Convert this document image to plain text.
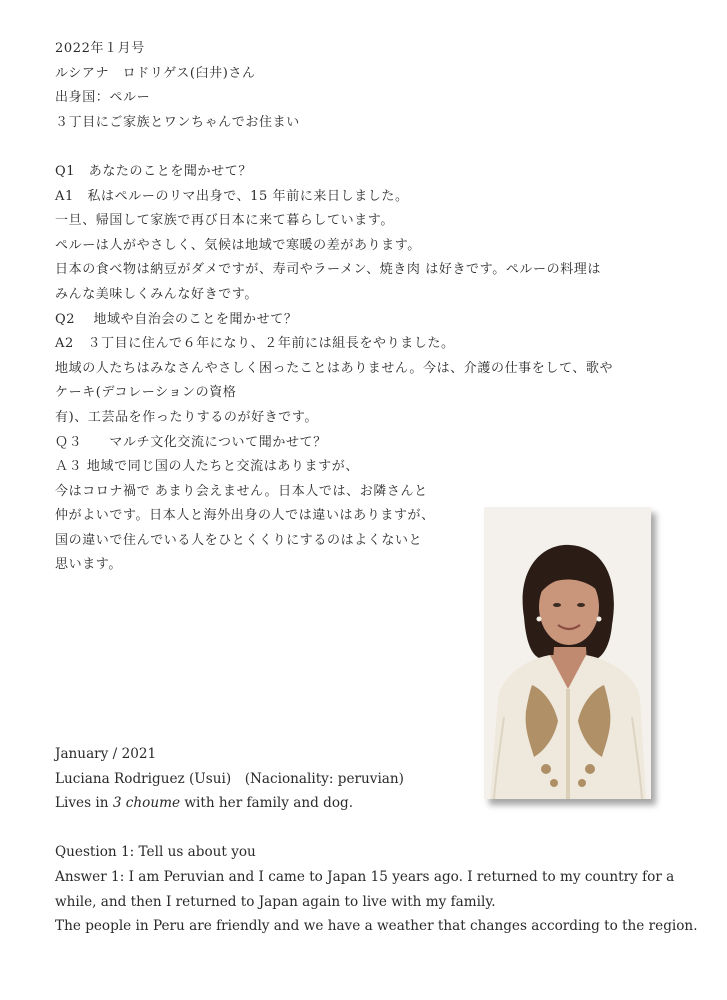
2022年１月号
ルシアナ　ロドリゲス(臼井)さん
出身国：ペルー
３丁目にご家族とワンちゃんでお住まい
Q1　あなたのことを聞かせて？
A1　私はペルーのリマ出身で、15 年前に来日しました。
一旦、帰国して家族で再び日本に来て暮らしています。
ペルーは人がやさしく、気候は地域で寒暖の差があります。
日本の食べ物は納豆がダメですが、寿司やラーメン、焼き肉 は好きです。ペルーの料理は
みんな美味しくみんな好きです。
Q2　 地域や自治会のことを聞かせて？
A2　３丁目に住んで６年になり、２年前には組長をやりました。
地域の人たちはみなさんやさしく困ったことはありません。今は、介護の仕事をして、歌や
ケーキ(デコレーションの資格
有)、工芸品を作ったりするのが好きです。
Ｑ３　　マルチ文化交流について聞かせて？
Ａ３ 地域で同じ国の人たちと交流はありますが、
今はコロナ禍で あまり会えません。日本人では、お隣さんと
仲がよいです。日本人と海外出身の人では違いはありますが、
国の違いで住んでいる人をひとくくりにするのはよくないと
思います。
January / 2021
Luciana Rodriguez (Usui)　(Nacionality: peruvian)
Lives in 3 choume with her family and dog.
Question 1: Tell us about you
Answer 1: I am Peruvian and I came to Japan 15 years ago. I returned to my country for a
while, and then I returned to Japan again to live with my family.
The people in Peru are friendly and we have a weather that changes according to the region.
